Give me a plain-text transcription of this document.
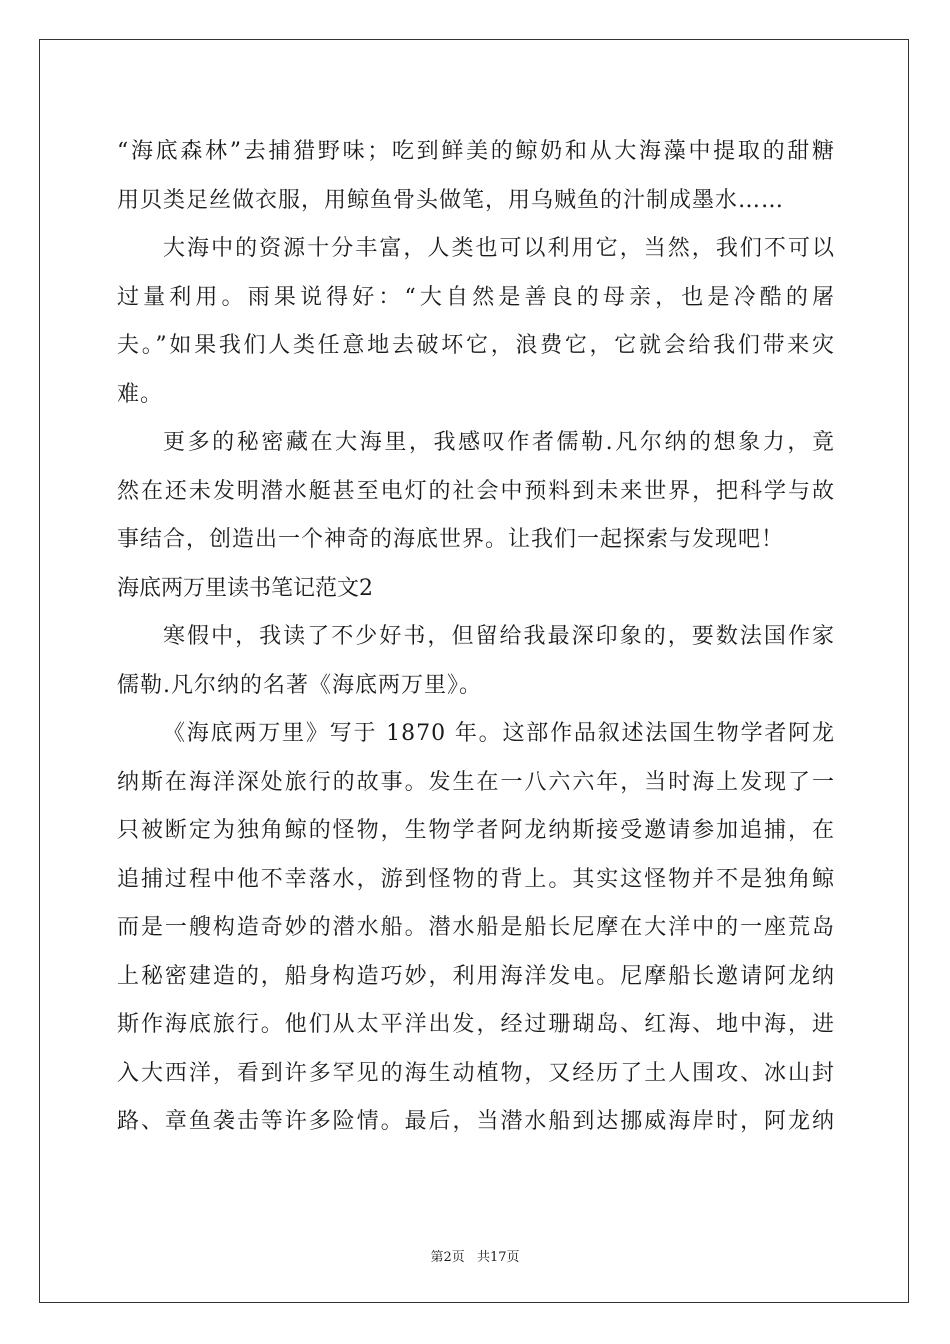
“海底森林”去捕猎野味；吃到鲜美的鲸奶和从大海藻中提取的甜糖
用贝类足丝做衣服，用鲸鱼骨头做笔，用乌贼鱼的汁制成墨水……
大海中的资源十分丰富，人类也可以利用它，当然，我们不可以
过量利用。雨果说得好：“大自然是善良的母亲，也是冷酷的屠
夫。”如果我们人类任意地去破坏它，浪费它，它就会给我们带来灾
难。
更多的秘密藏在大海里，我感叹作者儒勒.凡尔纳的想象力，竟
然在还未发明潜水艇甚至电灯的社会中预料到未来世界，把科学与故
事结合，创造出一个神奇的海底世界。让我们一起探索与发现吧！
海底两万里读书笔记范文2
寒假中，我读了不少好书，但留给我最深印象的，要数法国作家
儒勒.凡尔纳的名著《海底两万里》。
《海底两万里》写于 1870 年。这部作品叙述法国生物学者阿龙
纳斯在海洋深处旅行的故事。发生在一八六六年，当时海上发现了一
只被断定为独角鲸的怪物，生物学者阿龙纳斯接受邀请参加追捕，在
追捕过程中他不幸落水，游到怪物的背上。其实这怪物并不是独角鲸
而是一艘构造奇妙的潜水船。潜水船是船长尼摩在大洋中的一座荒岛
上秘密建造的，船身构造巧妙，利用海洋发电。尼摩船长邀请阿龙纳
斯作海底旅行。他们从太平洋出发，经过珊瑚岛、红海、地中海，进
入大西洋，看到许多罕见的海生动植物，又经历了土人围攻、冰山封
路、章鱼袭击等许多险情。最后，当潜水船到达挪威海岸时，阿龙纳
第2页 共17页
